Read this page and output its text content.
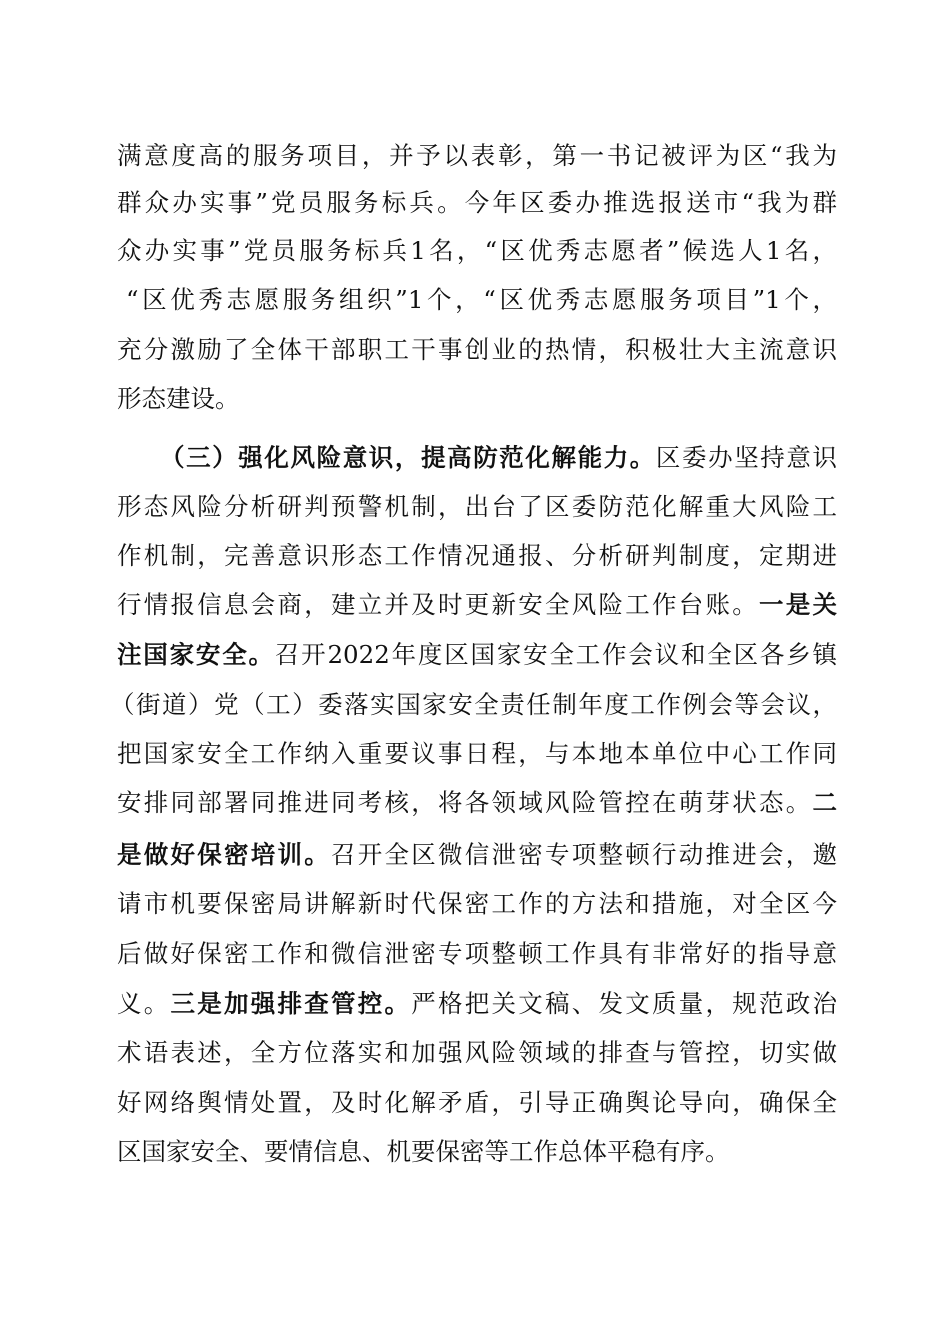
满意度高的服务项目，并予以表彰，第一书记被评为区“我为
群众办实事”党员服务标兵。今年区委办推选报送市“我为群
众办实事”党员服务标兵1名，“区优秀志愿者”候选人1名，
“区优秀志愿服务组织”1个，“区优秀志愿服务项目”1个，
充分激励了全体干部职工干事创业的热情，积极壮大主流意识
形态建设。
（三）强化风险意识，提高防范化解能力。区委办坚持意识
形态风险分析研判预警机制，出台了区委防范化解重大风险工
作机制，完善意识形态工作情况通报、分析研判制度，定期进
行情报信息会商，建立并及时更新安全风险工作台账。一是关
注国家安全。召开2022年度区国家安全工作会议和全区各乡镇
（街道）党（工）委落实国家安全责任制年度工作例会等会议，
把国家安全工作纳入重要议事日程，与本地本单位中心工作同
安排同部署同推进同考核，将各领域风险管控在萌芽状态。二
是做好保密培训。召开全区微信泄密专项整顿行动推进会，邀
请市机要保密局讲解新时代保密工作的方法和措施，对全区今
后做好保密工作和微信泄密专项整顿工作具有非常好的指导意
义。三是加强排查管控。严格把关文稿、发文质量，规范政治
术语表述，全方位落实和加强风险领域的排查与管控，切实做
好网络舆情处置，及时化解矛盾，引导正确舆论导向，确保全
区国家安全、要情信息、机要保密等工作总体平稳有序。
